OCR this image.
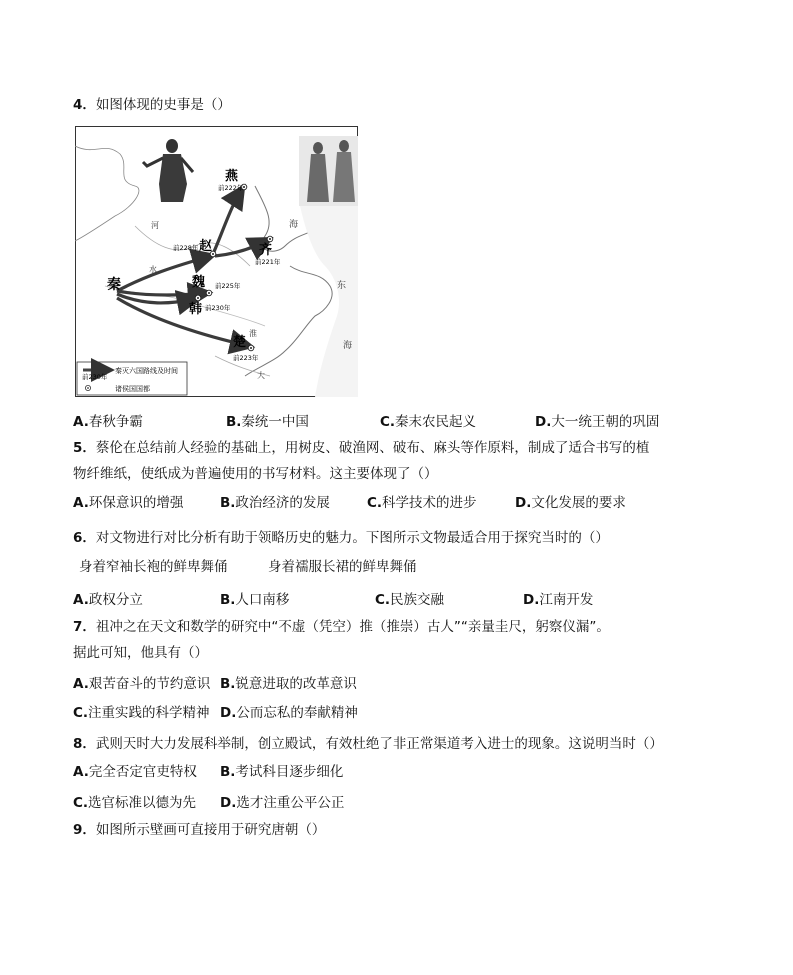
4．如图体现的史事是（）
燕
前222年
赵
前228年	齐
前221年
魏 前225年
韩 前230年
楚
前223年
秦
河
水
海
东
海
淮
大
前230年
秦灭六国路线及时间
诸侯国国都
A.春秋争霸	B.秦统一中国	C.秦末农民起义	D.大一统王朝的巩固
5．蔡伦在总结前人经验的基础上，用树皮、破渔网、破布、麻头等作原料，制成了适合书写的植
物纤维纸，使纸成为普遍使用的书写材料。这主要体现了（）
A.环保意识的增强	B.政治经济的发展	C.科学技术的进步	D.文化发展的要求
6．对文物进行对比分析有助于领略历史的魅力。下图所示文物最适合用于探究当时的（）
身着窄袖长袍的鲜卑舞俑	身着襦服长裙的鲜卑舞俑
A.政权分立	B.人口南移	C.民族交融	D.江南开发
7．祖冲之在天文和数学的研究中“不虚（凭空）推（推崇）古人”“亲量圭尺，躬察仪漏”。
据此可知，他具有（）
A.艰苦奋斗的节约意识 B.锐意进取的改革意识
C.注重实践的科学精神 D.公而忘私的奉献精神
8．武则天时大力发展科举制，创立殿试，有效杜绝了非正常渠道考入进士的现象。这说明当时（）
A.完全否定官吏特权 B.考试科目逐步细化
C.选官标准以德为先 D.选才注重公平公正
9．如图所示壁画可直接用于研究唐朝（）
